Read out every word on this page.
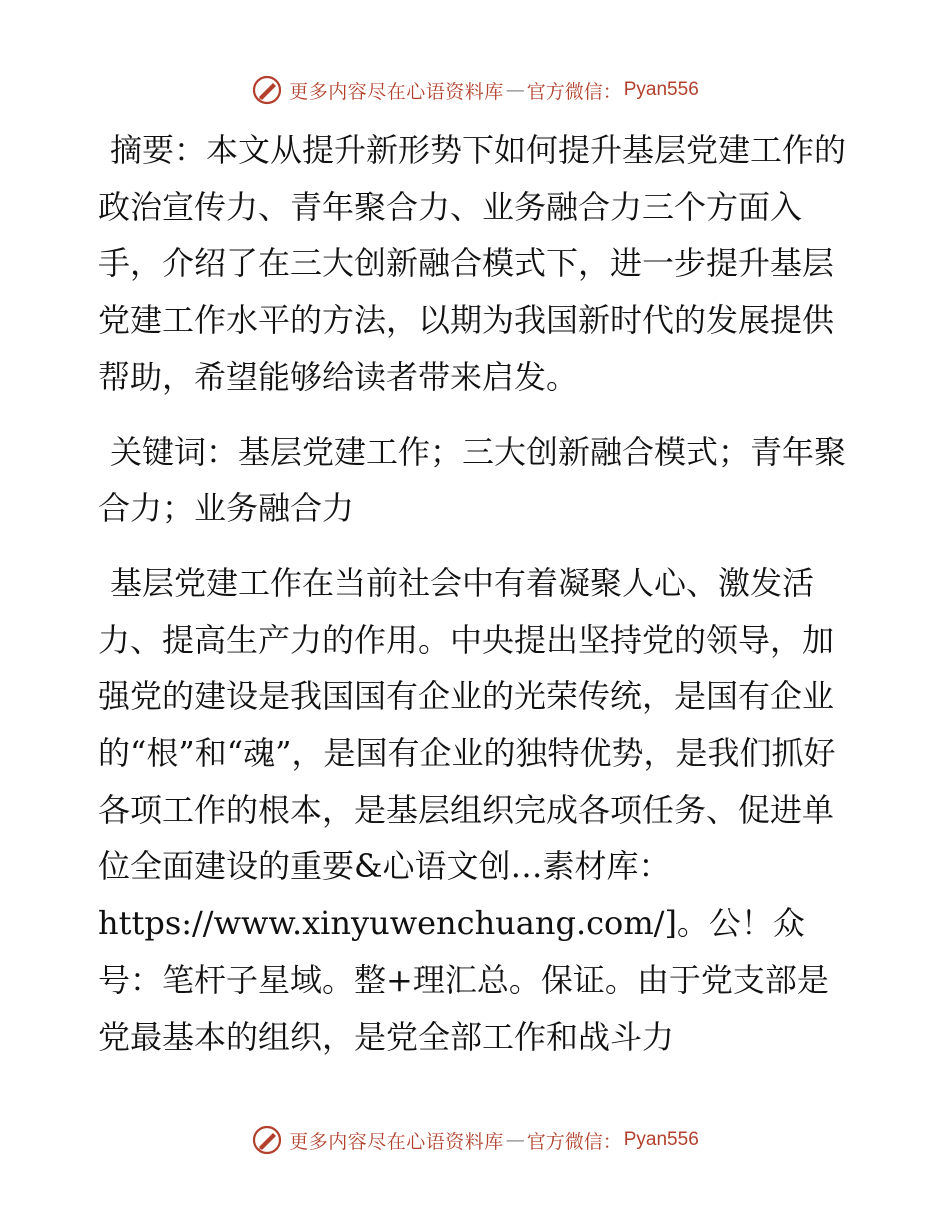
更多内容尽在心语资料库 — 官方微信： Pyan556

摘要：本文从提升新形势下如何提升基层党建工作的政治宣传力、青年聚合力、业务融合力三个方面入手，介绍了在三大创新融合模式下，进一步提升基层党建工作水平的方法，以期为我国新时代的发展提供帮助，希望能够给读者带来启发。

关键词：基层党建工作；三大创新融合模式；青年聚合力；业务融合力

基层党建工作在当前社会中有着凝聚人心、激发活力、提高生产力的作用。中央提出坚持党的领导，加强党的建设是我国国有企业的光荣传统，是国有企业的“根”和“魂”，是国有企业的独特优势，是我们抓好各项工作的根本，是基层组织完成各项任务、促进单位全面建设的重要&心语文创…素材库：https://www.xinyuwenchuang.com/]。公！众号：笔杆子星域。整+理汇总。保证。由于党支部是党最基本的组织，是党全部工作和战斗力

更多内容尽在心语资料库 — 官方微信： Pyan556
